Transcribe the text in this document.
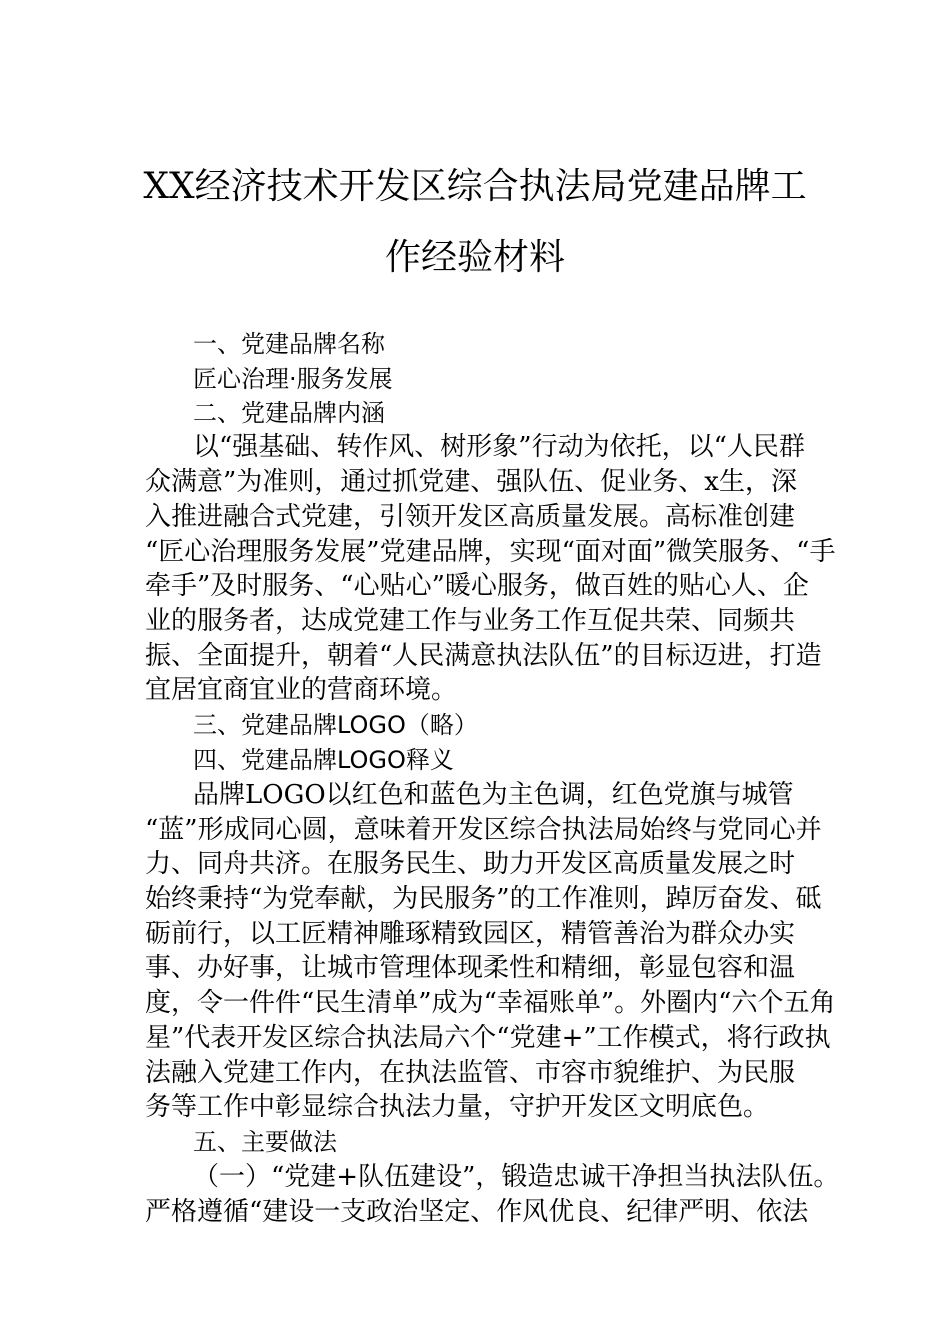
XX经济技术开发区综合执法局党建品牌工
作经验材料
一、党建品牌名称
匠心治理·服务发展
二、党建品牌内涵
以“强基础、转作风、树形象”行动为依托，以“人民群
众满意”为准则，通过抓党建、强队伍、促业务、x生，深
入推进融合式党建，引领开发区高质量发展。高标准创建
“匠心治理服务发展”党建品牌，实现“面对面”微笑服务、“手
牵手”及时服务、“心贴心”暖心服务，做百姓的贴心人、企
业的服务者，达成党建工作与业务工作互促共荣、同频共
振、全面提升，朝着“人民满意执法队伍”的目标迈进，打造
宜居宜商宜业的营商环境。
三、党建品牌LOGO（略）
四、党建品牌LOGO释义
品牌LOGO以红色和蓝色为主色调，红色党旗与城管
“蓝”形成同心圆，意味着开发区综合执法局始终与党同心并
力、同舟共济。在服务民生、助力开发区高质量发展之时
始终秉持“为党奉献，为民服务”的工作准则，踔厉奋发、砥
砺前行，以工匠精神雕琢精致园区，精管善治为群众办实
事、办好事，让城市管理体现柔性和精细，彰显包容和温
度，令一件件“民生清单”成为“幸福账单”。外圈内“六个五角
星”代表开发区综合执法局六个“党建+”工作模式，将行政执
法融入党建工作内，在执法监管、市容市貌维护、为民服
务等工作中彰显综合执法力量，守护开发区文明底色。
五、主要做法
（一）“党建+队伍建设”，锻造忠诚干净担当执法队伍。
严格遵循“建设一支政治坚定、作风优良、纪律严明、依法
